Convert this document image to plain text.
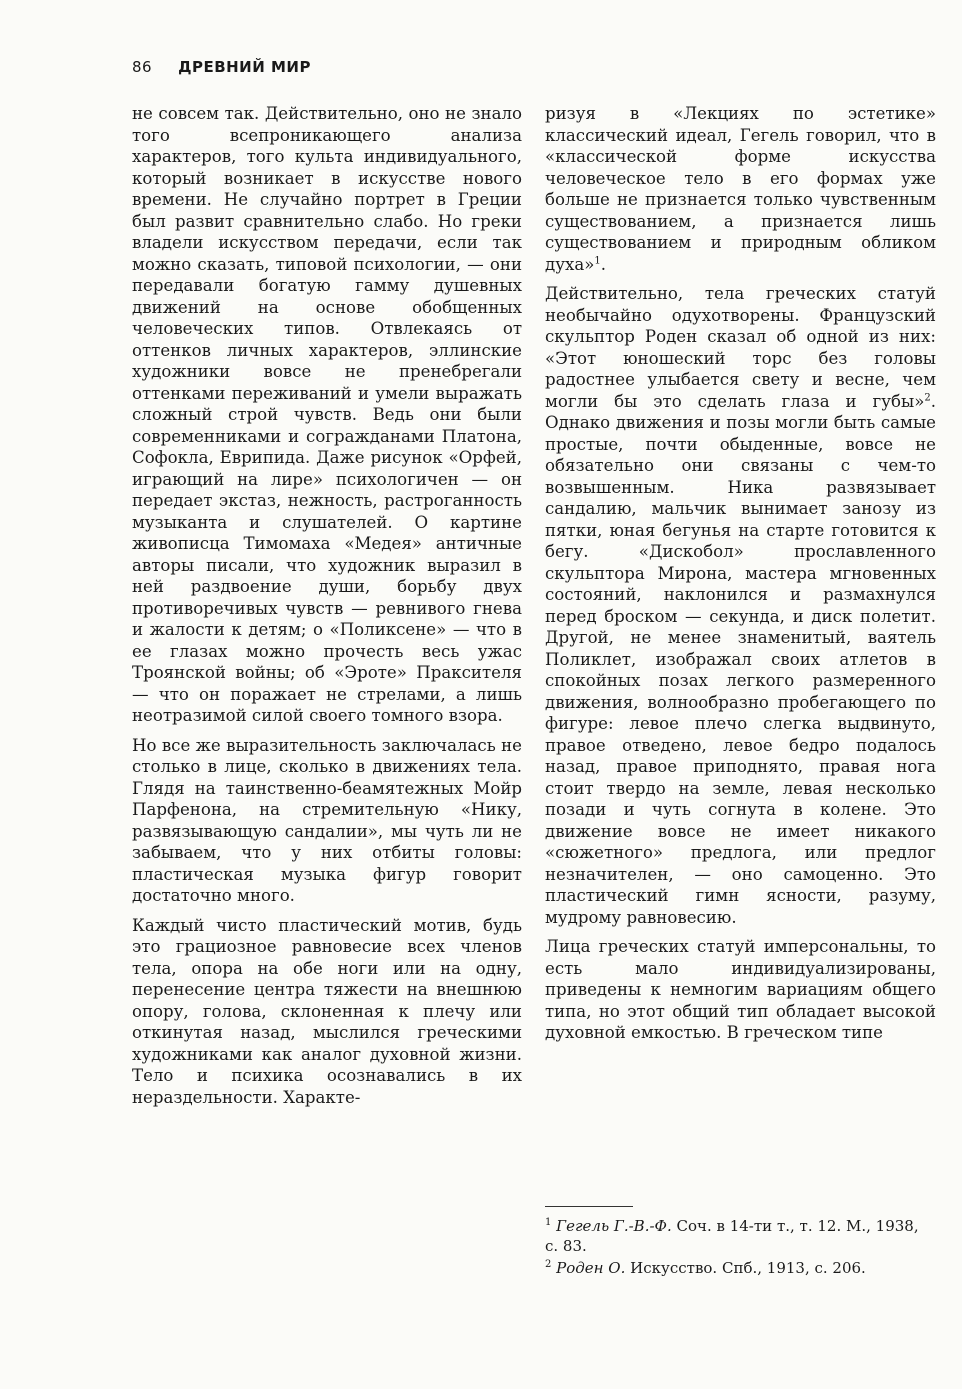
86 ДРЕВНИЙ МИР

не совсем так. Действительно, оно не знало того всепроникающего анализа характеров, того культа индивидуального, который возникает в искусстве нового времени. Не случайно портрет в Греции был развит сравнительно слабо. Но греки владели искусством передачи, если так можно сказать, типовой психологии, — они передавали богатую гамму душевных движений на основе обобщенных человеческих типов. Отвлекаясь от оттенков личных характеров, эллинские художники вовсе не пренебрегали оттенками переживаний и умели выражать сложный строй чувств. Ведь они были современниками и согражданами Платона, Софокла, Еврипида. Даже рисунок «Орфей, играющий на лире» психологичен — он передает экстаз, нежность, растроганность музыканта и слушателей. О картине живописца Тимомаха «Медея» античные авторы писали, что художник выразил в ней раздвоение души, борьбу двух противоречивых чувств — ревнивого гнева и жалости к детям; о «Поликсене» — что в ее глазах можно прочесть весь ужас Троянской войны; об «Эроте» Праксителя — что он поражает не стрелами, а лишь неотразимой силой своего томного взора.

Но все же выразительность заключалась не столько в лице, сколько в движениях тела. Глядя на таинственно-беамятежных Мойр Парфенона, на стремительную «Нику, развязывающую сандалии», мы чуть ли не забываем, что у них отбиты головы: пластическая музыка фигур говорит достаточно много.

Каждый чисто пластический мотив, будь это грациозное равновесие всех членов тела, опора на обе ноги или на одну, перенесение центра тяжести на внешнюю опору, голова, склоненная к плечу или откинутая назад, мыслился греческими художниками как аналог духовной жизни. Тело и психика осознавались в их нераздельности. Характе-

ризуя в «Лекциях по эстетике» классический идеал, Гегель говорил, что в «классической форме искусства человеческое тело в его формах уже больше не признается только чувственным существованием, а признается лишь существованием и природным обликом духа»$^1$.

Действительно, тела греческих статуй необычайно одухотворены. Французский скульптор Роден сказал об одной из них: «Этот юношеский торс без головы радостнее улыбается свету и весне, чем могли бы это сделать глаза и губы»$^2$. Однако движения и позы могли быть самые простые, почти обыденные, вовсе не обязательно они связаны с чем-то возвышенным. Ника развязывает сандалию, мальчик вынимает занозу из пятки, юная бегунья на старте готовится к бегу. «Дискобол» прославленного скульптора Мирона, мастера мгновенных состояний, наклонился и размахнулся перед броском — секунда, и диск полетит. Другой, не менее знаменитый, ваятель Поликлет, изображал своих атлетов в спокойных позах легкого размеренного движения, волнообразно пробегающего по фигуре: левое плечо слегка выдвинуто, правое отведено, левое бедро подалось назад, правое приподнято, правая нога стоит твердо на земле, левая несколько позади и чуть согнута в колене. Это движение вовсе не имеет никакого «сюжетного» предлога, или предлог незначителен, — оно самоценно. Это пластический гимн ясности, разуму, мудрому равновесию.

Лица греческих статуй имперсональны, то есть мало индивидуализированы, приведены к немногим вариациям общего типа, но этот общий тип обладает высокой духовной емкостью. В греческом типе

$^1$ Гегель Г.-В.-Ф. Соч. в 14-ти т., т. 12. М., 1938, с. 83.

$^2$ Роден О. Искусство. Спб., 1913, с. 206.
